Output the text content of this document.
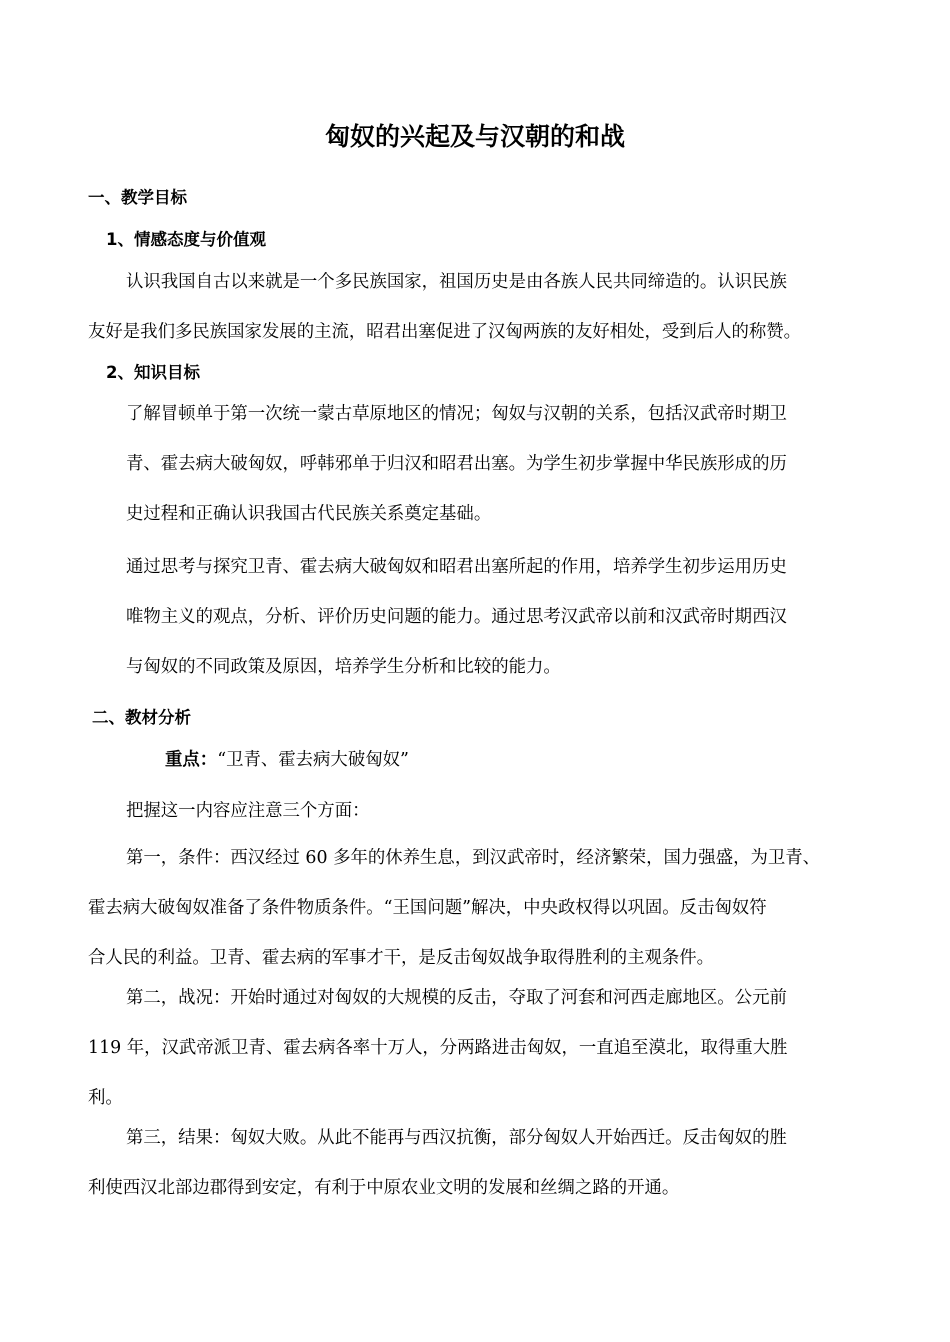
匈奴的兴起及与汉朝的和战
一、教学目标
1、情感态度与价值观
认识我国自古以来就是一个多民族国家，祖国历史是由各族人民共同缔造的。认识民族
友好是我们多民族国家发展的主流，昭君出塞促进了汉匈两族的友好相处，受到后人的称赞。
2、知识目标
了解冒顿单于第一次统一蒙古草原地区的情况；匈奴与汉朝的关系，包括汉武帝时期卫
青、霍去病大破匈奴，呼韩邪单于归汉和昭君出塞。为学生初步掌握中华民族形成的历
史过程和正确认识我国古代民族关系奠定基础。
通过思考与探究卫青、霍去病大破匈奴和昭君出塞所起的作用，培养学生初步运用历史
唯物主义的观点，分析、评价历史问题的能力。通过思考汉武帝以前和汉武帝时期西汉
与匈奴的不同政策及原因，培养学生分析和比较的能力。
二、教材分析
重点：“卫青、霍去病大破匈奴”
把握这一内容应注意三个方面：
第一，条件：西汉经过 60 多年的休养生息，到汉武帝时，经济繁荣，国力强盛，为卫青、
霍去病大破匈奴准备了条件物质条件。“王国问题”解决，中央政权得以巩固。反击匈奴符
合人民的利益。卫青、霍去病的军事才干，是反击匈奴战争取得胜利的主观条件。
第二，战况：开始时通过对匈奴的大规模的反击，夺取了河套和河西走廊地区。公元前
119 年，汉武帝派卫青、霍去病各率十万人，分两路进击匈奴，一直追至漠北，取得重大胜
利。
第三，结果：匈奴大败。从此不能再与西汉抗衡，部分匈奴人开始西迁。反击匈奴的胜
利使西汉北部边郡得到安定，有利于中原农业文明的发展和丝绸之路的开通。
